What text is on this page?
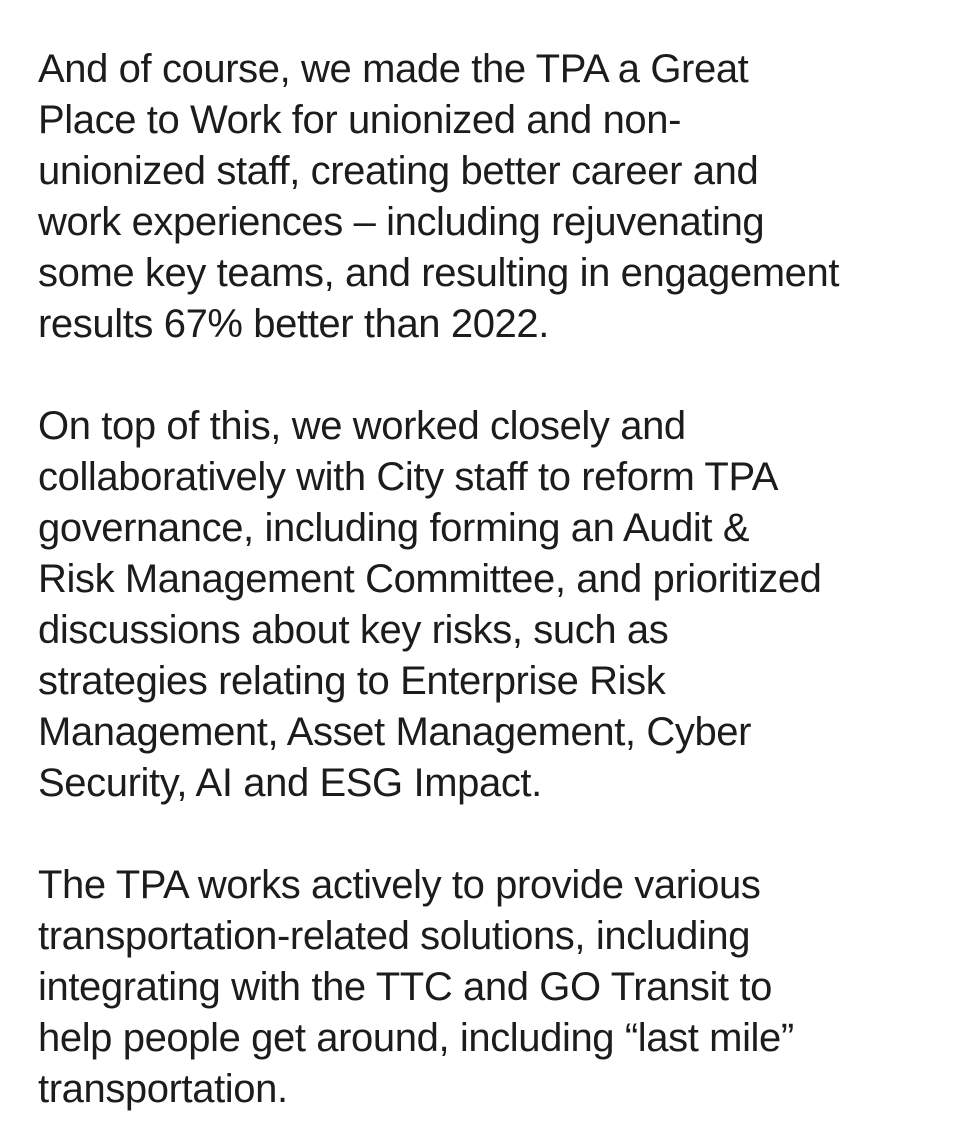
And of course, we made the TPA a Great
Place to Work for unionized and non-
unionized staff, creating better career and
work experiences – including rejuvenating
some key teams, and resulting in engagement
results 67% better than 2022.
On top of this, we worked closely and
collaboratively with City staff to reform TPA
governance, including forming an Audit &
Risk Management Committee, and prioritized
discussions about key risks, such as
strategies relating to Enterprise Risk
Management, Asset Management, Cyber
Security, AI and ESG Impact.
The TPA works actively to provide various
transportation-related solutions, including
integrating with the TTC and GO Transit to
help people get around, including “last mile”
transportation.
